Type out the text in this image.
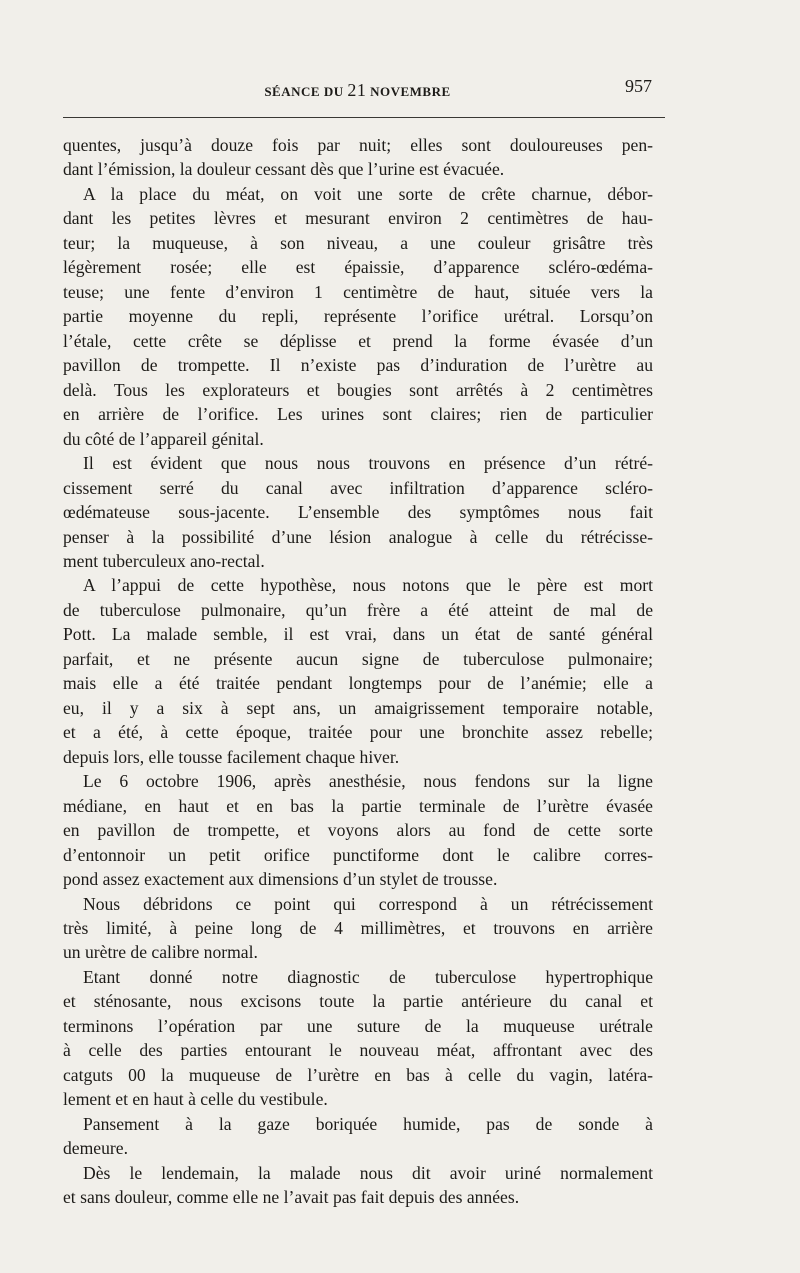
SÉANCE DU 21 NOVEMBRE	957
quentes, jusqu’à douze fois par nuit; elles sont douloureuses pen-
dant l’émission, la douleur cessant dès que l’urine est évacuée.
A la place du méat, on voit une sorte de crête charnue, débor-
dant les petites lèvres et mesurant environ 2 centimètres de hau-
teur; la muqueuse, à son niveau, a une couleur grisâtre très
légèrement rosée; elle est épaissie, d’apparence scléro-œdéma-
teuse; une fente d’environ 1 centimètre de haut, située vers la
partie moyenne du repli, représente l’orifice urétral. Lorsqu’on
l’étale, cette crête se déplisse et prend la forme évasée d’un
pavillon de trompette. Il n’existe pas d’induration de l’urètre au
delà. Tous les explorateurs et bougies sont arrêtés à 2 centimètres
en arrière de l’orifice. Les urines sont claires; rien de particulier
du côté de l’appareil génital.
Il est évident que nous nous trouvons en présence d’un rétré-
cissement serré du canal avec infiltration d’apparence scléro-
œdémateuse sous-jacente. L’ensemble des symptômes nous fait
penser à la possibilité d’une lésion analogue à celle du rétrécisse-
ment tuberculeux ano-rectal.
A l’appui de cette hypothèse, nous notons que le père est mort
de tuberculose pulmonaire, qu’un frère a été atteint de mal de
Pott. La malade semble, il est vrai, dans un état de santé général
parfait, et ne présente aucun signe de tuberculose pulmonaire;
mais elle a été traitée pendant longtemps pour de l’anémie; elle a
eu, il y a six à sept ans, un amaigrissement temporaire notable,
et a été, à cette époque, traitée pour une bronchite assez rebelle;
depuis lors, elle tousse facilement chaque hiver.
Le 6 octobre 1906, après anesthésie, nous fendons sur la ligne
médiane, en haut et en bas la partie terminale de l’urètre évasée
en pavillon de trompette, et voyons alors au fond de cette sorte
d’entonnoir un petit orifice punctiforme dont le calibre corres-
pond assez exactement aux dimensions d’un stylet de trousse.
Nous débridons ce point qui correspond à un rétrécissement
très limité, à peine long de 4 millimètres, et trouvons en arrière
un urètre de calibre normal.
Etant donné notre diagnostic de tuberculose hypertrophique
et sténosante, nous excisons toute la partie antérieure du canal et
terminons l’opération par une suture de la muqueuse urétrale
à celle des parties entourant le nouveau méat, affrontant avec des
catguts 00 la muqueuse de l’urètre en bas à celle du vagin, latéra-
lement et en haut à celle du vestibule.
Pansement à la gaze boriquée humide, pas de sonde à
demeure.
Dès le lendemain, la malade nous dit avoir uriné normalement
et sans douleur, comme elle ne l’avait pas fait depuis des années.
